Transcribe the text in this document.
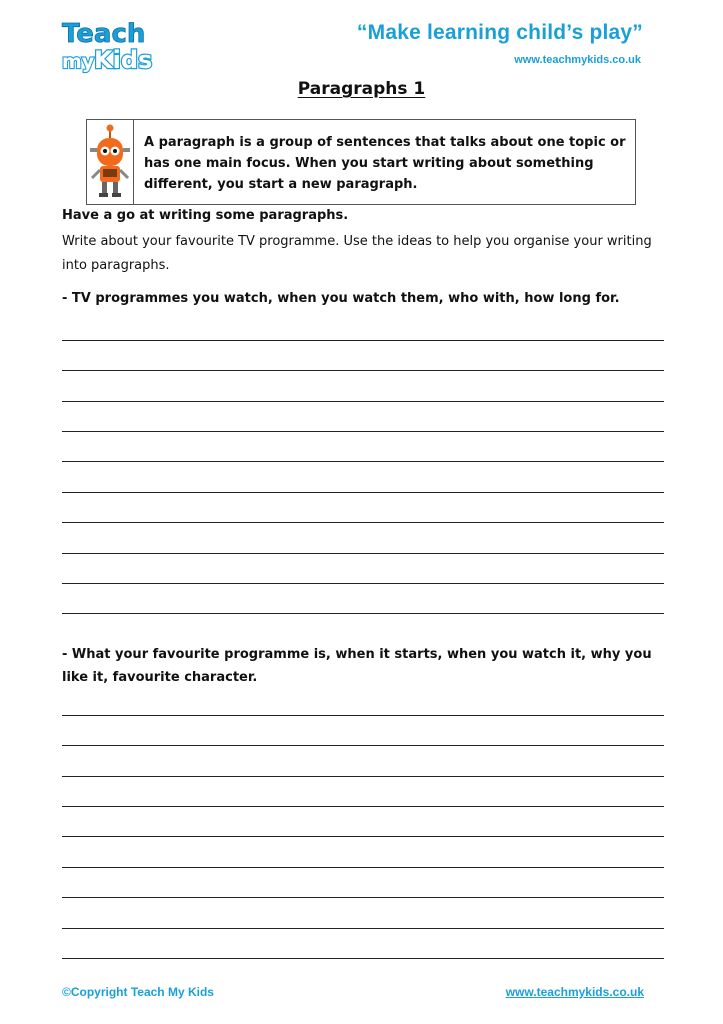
Teach
my Kids
“Make learning child’s play”
www.teachmykids.co.uk
Paragraphs 1
A paragraph is a group of sentences that talks about one topic or has one main focus. When you start writing about something different, you start a new paragraph.
Have a go at writing some paragraphs.
Write about your favourite TV programme. Use the ideas to help you organise your writing into paragraphs.
- TV programmes you watch, when you watch them, who with, how long for.
- What your favourite programme is, when it starts, when you watch it, why you like it, favourite character.
©Copyright Teach My Kids	www.teachmykids.co.uk
